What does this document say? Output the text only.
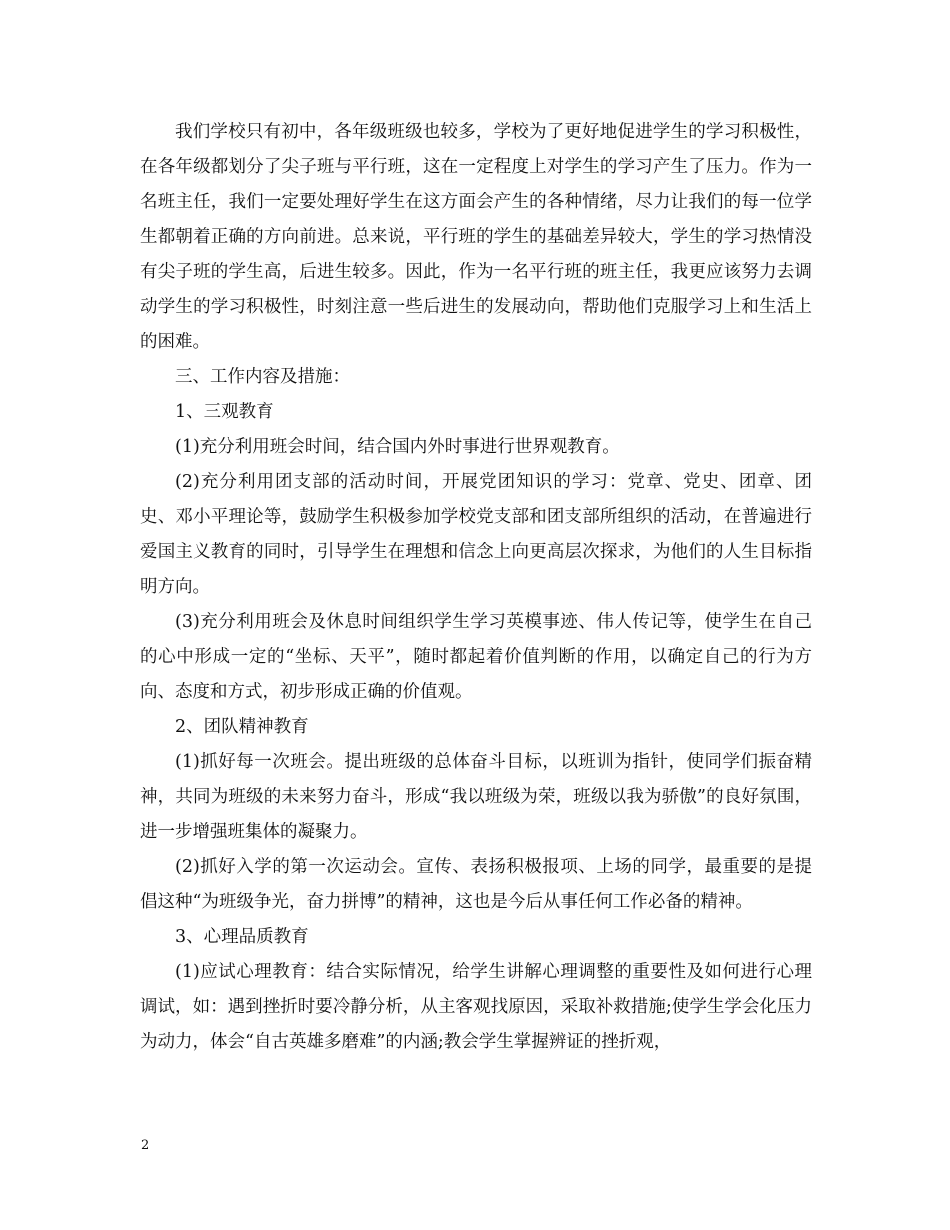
我们学校只有初中，各年级班级也较多，学校为了更好地促进学生的学习积极性，在各年级都划分了尖子班与平行班，这在一定程度上对学生的学习产生了压力。作为一名班主任，我们一定要处理好学生在这方面会产生的各种情绪，尽力让我们的每一位学生都朝着正确的方向前进。总来说，平行班的学生的基础差异较大，学生的学习热情没有尖子班的学生高，后进生较多。因此，作为一名平行班的班主任，我更应该努力去调动学生的学习积极性，时刻注意一些后进生的发展动向，帮助他们克服学习上和生活上的困难。

三、工作内容及措施：

1、三观教育

(1)充分利用班会时间，结合国内外时事进行世界观教育。

(2)充分利用团支部的活动时间，开展党团知识的学习：党章、党史、团章、团史、邓小平理论等，鼓励学生积极参加学校党支部和团支部所组织的活动，在普遍进行爱国主义教育的同时，引导学生在理想和信念上向更高层次探求，为他们的人生目标指明方向。

(3)充分利用班会及休息时间组织学生学习英模事迹、伟人传记等，使学生在自己的心中形成一定的“坐标、天平”，随时都起着价值判断的作用，以确定自己的行为方向、态度和方式，初步形成正确的价值观。

2、团队精神教育

(1)抓好每一次班会。提出班级的总体奋斗目标，以班训为指针，使同学们振奋精神，共同为班级的未来努力奋斗，形成“我以班级为荣，班级以我为骄傲”的良好氛围，进一步增强班集体的凝聚力。

(2)抓好入学的第一次运动会。宣传、表扬积极报项、上场的同学，最重要的是提倡这种“为班级争光，奋力拼博”的精神，这也是今后从事任何工作必备的精神。

3、心理品质教育

(1)应试心理教育：结合实际情况，给学生讲解心理调整的重要性及如何进行心理调试，如：遇到挫折时要冷静分析，从主客观找原因，采取补救措施;使学生学会化压力为动力，体会“自古英雄多磨难”的内涵;教会学生掌握辨证的挫折观，

2
